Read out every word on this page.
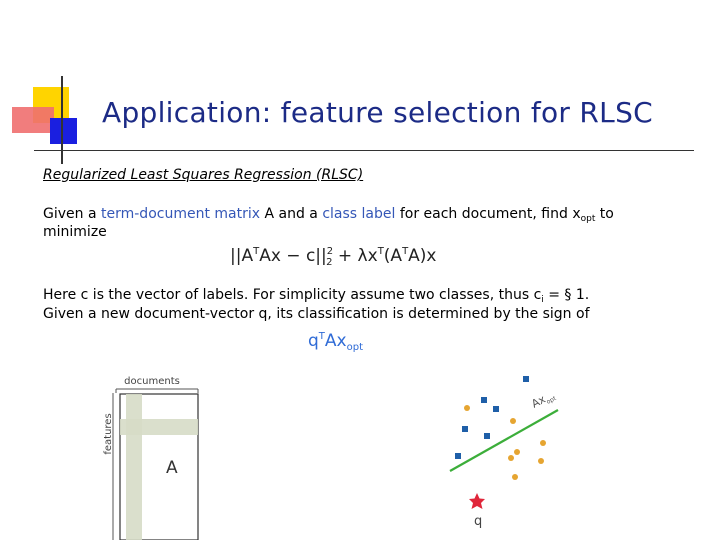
Application: feature selection for RLSC
Regularized Least Squares Regression (RLSC)
Given a term-document matrix A and a class label for each document, find $x_{opt}$ to
minimize
$||A^TAx - c||^2_2 + \lambda x^T(A^TA)x$
Here c is the vector of labels. For simplicity assume two classes, thus $c_i$ = § 1.
Given a new document-vector q, its classification is determined by the sign of
$q^TAx_{opt}$
documents
features
A
$Ax_{opt}$
q
